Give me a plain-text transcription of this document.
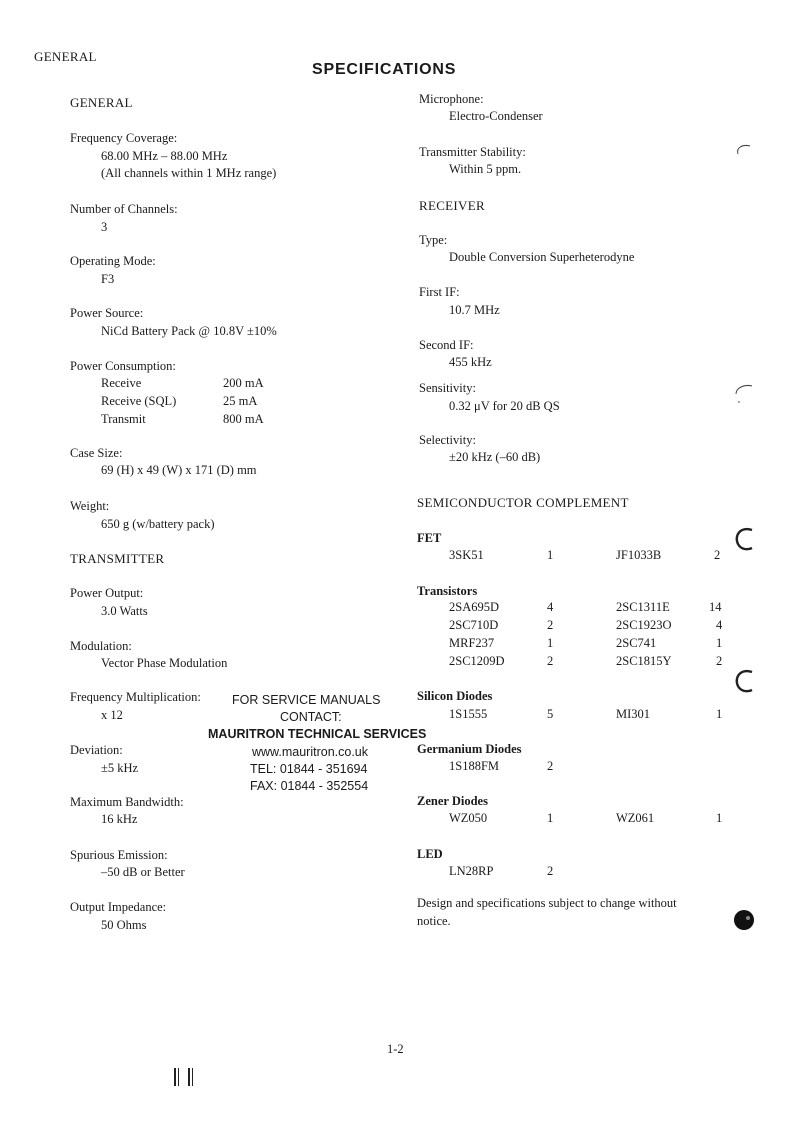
GENERAL
SPECIFICATIONS
GENERAL
Frequency Coverage:
68.00 MHz – 88.00 MHz
(All channels within 1 MHz range)
Number of Channels:
3
Operating Mode:
F3
Power Source:
NiCd Battery Pack @ 10.8V ±10%
Power Consumption:
Receive	200 mA
Receive (SQL)	25 mA
Transmit	800 mA
Case Size:
69 (H) x 49 (W) x 171 (D) mm
Weight:
650 g (w/battery pack)
TRANSMITTER
Power Output:
3.0 Watts
Modulation:
Vector Phase Modulation
Frequency Multiplication:
x 12
Deviation:
±5 kHz
Maximum Bandwidth:
16 kHz
Spurious Emission:
–50 dB or Better
Output Impedance:
50 Ohms
FOR SERVICE MANUALS
CONTACT:
MAURITRON TECHNICAL SERVICES
www.mauritron.co.uk
TEL: 01844 - 351694
FAX: 01844 - 352554
Microphone:
Electro-Condenser
Transmitter Stability:
Within 5 ppm.
RECEIVER
Type:
Double Conversion Superheterodyne
First IF:
10.7 MHz
Second IF:
455 kHz
Sensitivity:
0.32 μV for 20 dB QS
Selectivity:
±20 kHz (–60 dB)
SEMICONDUCTOR COMPLEMENT
FET
3SK51	1	JF1033B	2
Transistors
2SA695D	4	2SC1311E	14
2SC710D	2	2SC1923O	4
MRF237	1	2SC741	1
2SC1209D	2	2SC1815Y	2
Silicon Diodes
1S1555	5	MI301	1
Germanium Diodes
1S188FM	2
Zener Diodes
WZ050	1	WZ061	1
LED
LN28RP	2
Design and specifications subject to change without
notice.
1-2
